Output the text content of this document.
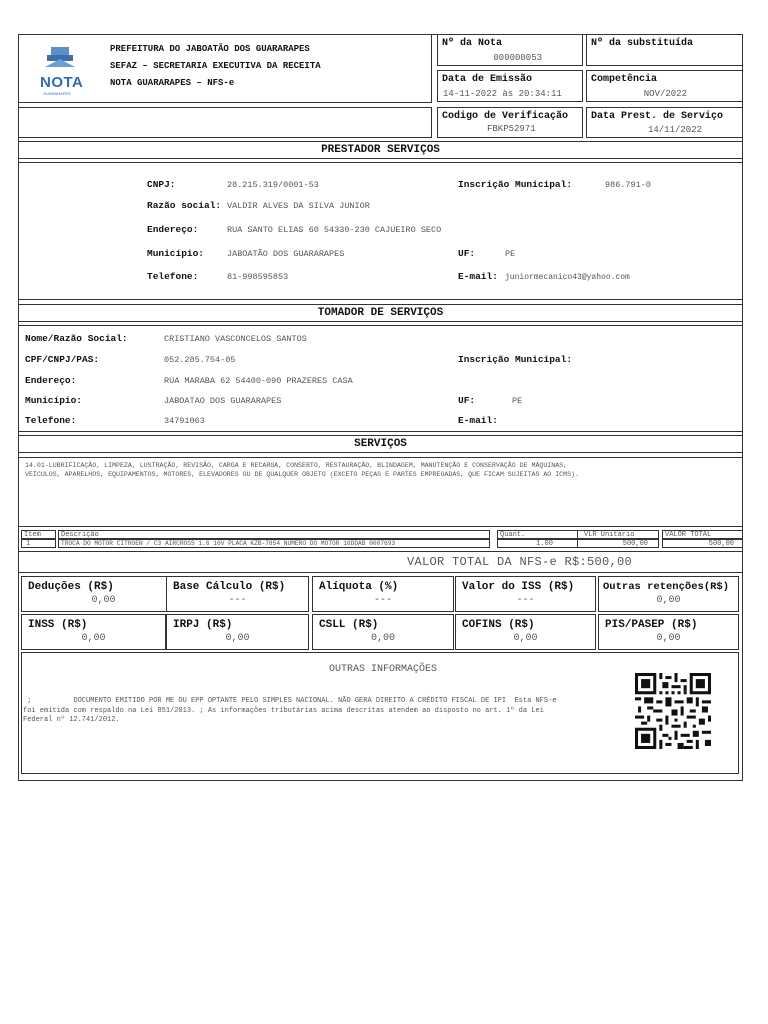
NOTA
GUARARAPES
PREFEITURA DO JABOATÃO DOS GUARARAPES
SEFAZ – SECRETARIA EXECUTIVA DA RECEITA
NOTA GUARARAPES – NFS-e
Nº da Nota
000000053
Nº da substituída
Data de Emissão
14-11-2022 às 20:34:11
Competência
NOV/2022
Codigo de Verificação
FBKP52971
Data Prest. de Serviço
14/11/2022
PRESTADOR SERVIÇOS
CNPJ:	28.215.319/0001-53	Inscrição Municipal:	986.791-0
Razão social: VALDIR ALVES DA SILVA JUNIOR
Endereço:	RUA SANTO ELIAS 60 54330-230 CAJUEIRO SECO
Município:	JABOATÃO DOS GUARARAPES	UF:	PE
Telefone:	81-998595853	E-mail: juniormecanico43@yahoo.com
TOMADOR DE SERVIÇOS
Nome/Razão Social:	CRISTIANO VASCONCELOS SANTOS
CPF/CNPJ/PAS:	052.285.754-05	Inscrição Municipal:
Endereço:	RUA MARABA 62 54400-090 PRAZERES CASA
Município:	JABOATAO DOS GUARARAPES	UF:	PE
Telefone:	34791063	E-mail:
SERVIÇOS
14.01-LUBRIFICAÇÃO, LIMPEZA, LUSTRAÇÃO, REVISÃO, CARGA E RECARGA, CONSERTO, RESTAURAÇÃO, BLINDAGEM, MANUTENÇÃO E CONSERVAÇÃO DE MÁQUINAS,
VEÍCULOS, APARELHOS, EQUIPAMENTOS, MOTORES, ELEVADORES OU DE QUALQUER OBJETO (EXCETO PEÇAS E PARTES EMPREGADAS, QUE FICAM SUJEITAS AO ICMS).
Item	Descrição	Quant.	VLR Unitário	VALOR TOTAL
1	TROCA DO MOTOR CITROEN / C3 AIRCROSS 1.6 16V PLACA KZB-7854 NUMERO DO MOTOR 10DDAB 0007693	1.00	500,00	500,00
VALOR TOTAL DA NFS-e R$:500,00
Deduções (R$)
0,00
Base Cálculo (R$)
---
Alíquota (%)
---
Valor do ISS (R$)
---
Outras retenções(R$)
0,00
INSS (R$)
0,00
IRPJ (R$)
0,00
CSLL (R$)
0,00
COFINS (R$)
0,00
PIS/PASEP (R$)
0,00
OUTRAS INFORMAÇÕES
;          DOCUMENTO EMITIDO POR ME OU EPP OPTANTE PELO SIMPLES NACIONAL. NÃO GERA DIREITO A CRÉDITO FISCAL DE IPI  Esta NFS-e
foi emitida com respaldo na Lei 851/2013. ; As informações tributárias acima descritas atendem ao disposto no art. 1º da Lei
Federal nº 12.741/2012.
